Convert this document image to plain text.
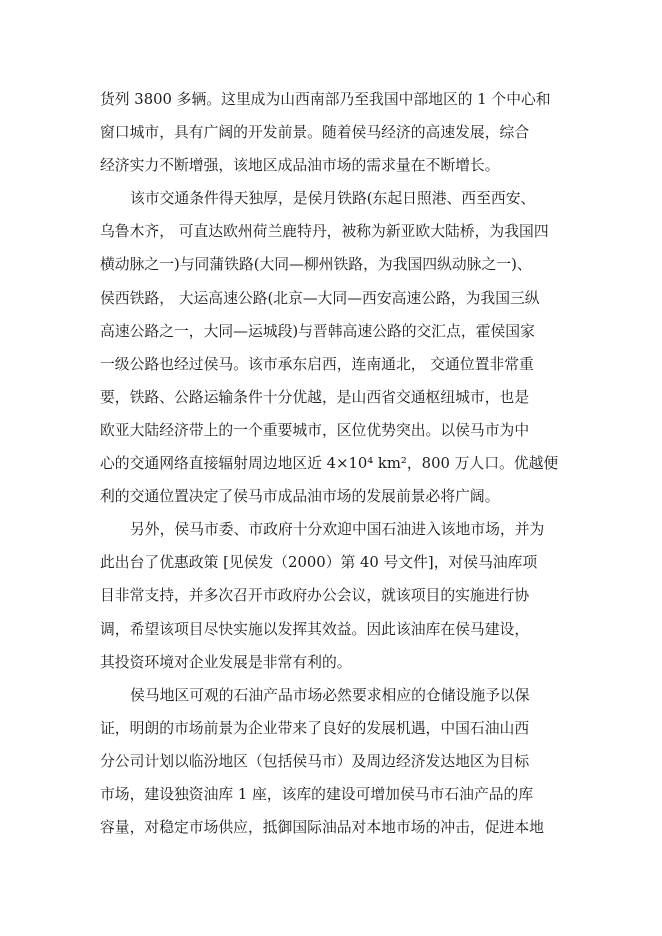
货列 3800 多辆。这里成为山西南部乃至我国中部地区的 1 个中心和
窗口城市，具有广阔的开发前景。随着侯马经济的高速发展，综合
经济实力不断增强，该地区成品油市场的需求量在不断增长。
该市交通条件得天独厚，是侯月铁路(东起日照港、西至西安、
乌鲁木齐， 可直达欧州荷兰鹿特丹，被称为新亚欧大陆桥，为我国四
横动脉之一)与同蒲铁路(大同—柳州铁路，为我国四纵动脉之一)、
侯西铁路， 大运高速公路(北京—大同—西安高速公路，为我国三纵
高速公路之一，大同—运城段)与晋韩高速公路的交汇点，霍侯国家
一级公路也经过侯马。该市承东启西，连南通北， 交通位置非常重
要，铁路、公路运输条件十分优越，是山西省交通枢纽城市，也是
欧亚大陆经济带上的一个重要城市，区位优势突出。以侯马市为中
心的交通网络直接辐射周边地区近 4×10⁴ km²，800 万人口。优越便
利的交通位置决定了侯马市成品油市场的发展前景必将广阔。
另外，侯马市委、市政府十分欢迎中国石油进入该地市场，并为
此出台了优惠政策 [见侯发（2000）第 40 号文件]，对侯马油库项
目非常支持，并多次召开市政府办公会议，就该项目的实施进行协
调，希望该项目尽快实施以发挥其效益。因此该油库在侯马建设，
其投资环境对企业发展是非常有利的。
侯马地区可观的石油产品市场必然要求相应的仓储设施予以保
证，明朗的市场前景为企业带来了良好的发展机遇，中国石油山西
分公司计划以临汾地区（包括侯马市）及周边经济发达地区为目标
市场，建设独资油库 1 座，该库的建设可增加侯马市石油产品的库
容量，对稳定市场供应，抵御国际油品对本地市场的冲击，促进本地
